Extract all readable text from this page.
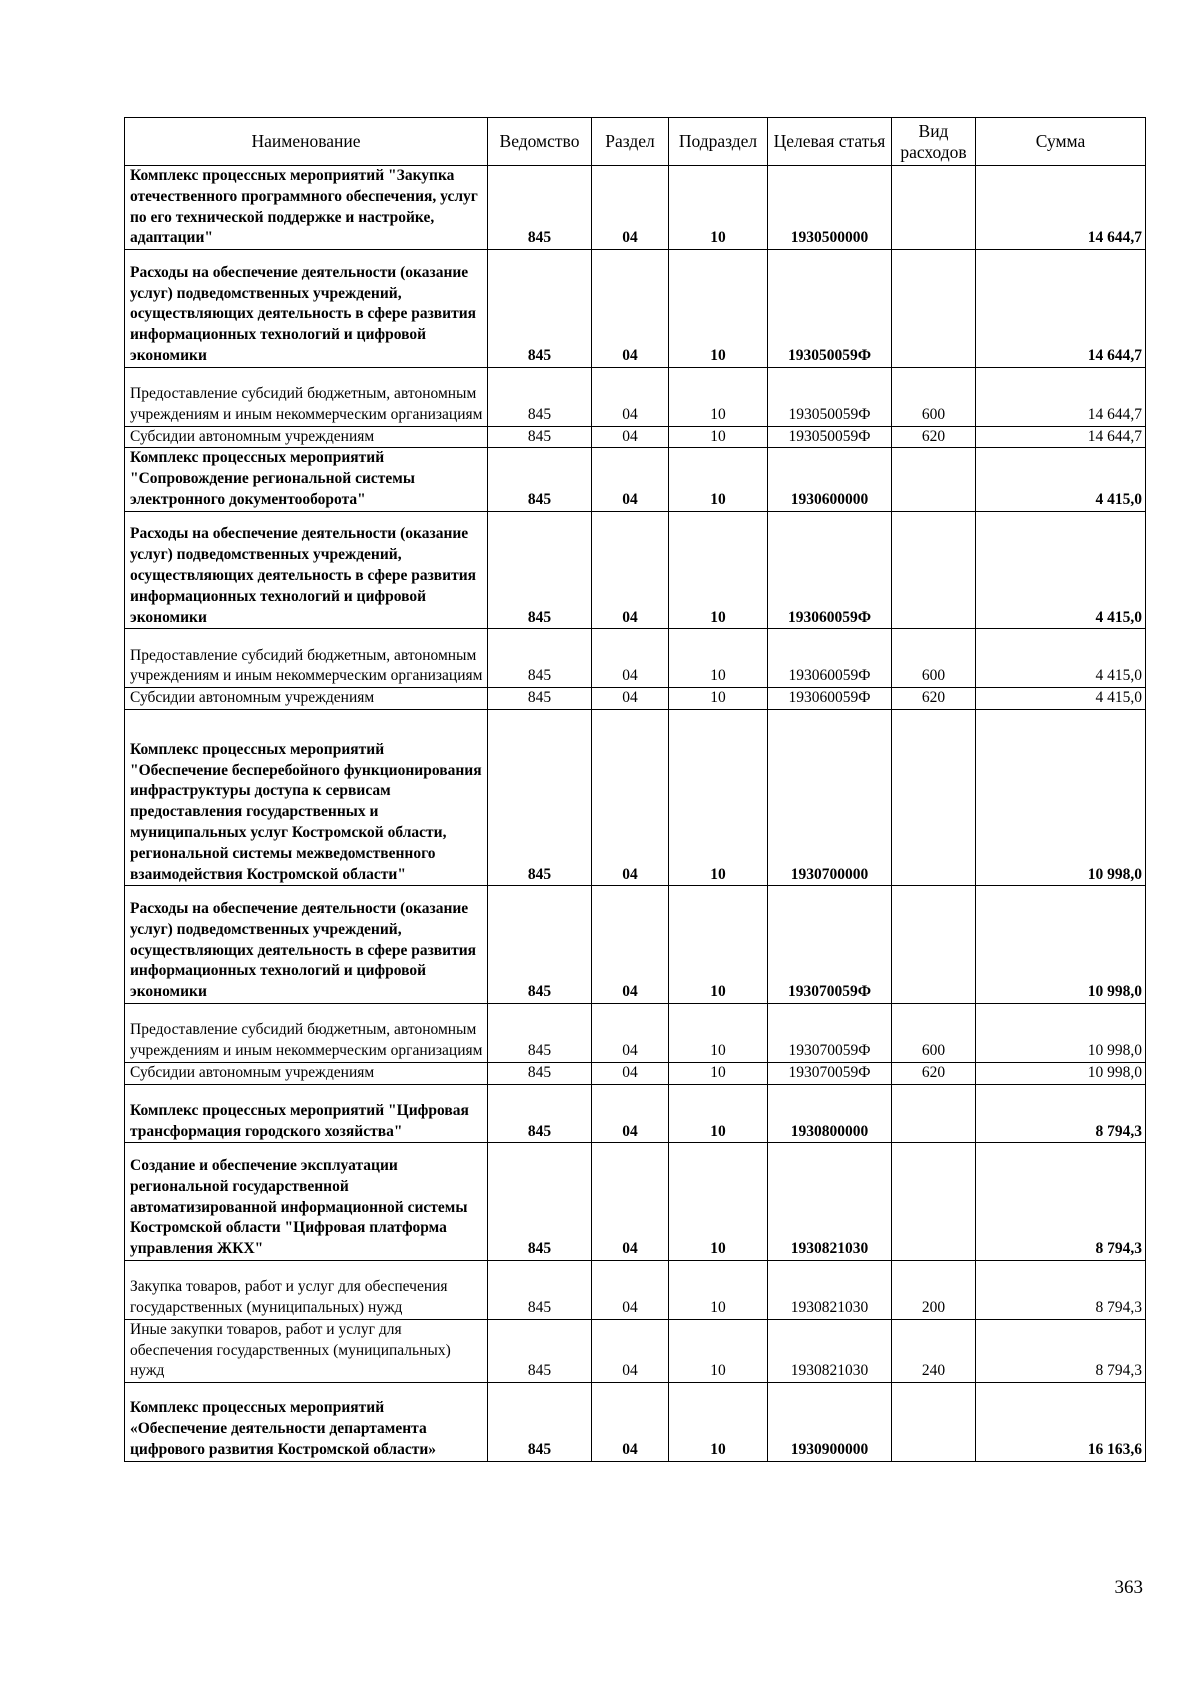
Наименование	Ведомство	Раздел	Подраздел	Целевая статья	Вид расходов	Сумма
Комплекс процессных мероприятий "Закупка отечественного программного обеспечения, услуг по его технической поддержке и настройке, адаптации"	845	04	10	1930500000		14 644,7
Расходы на обеспечение деятельности (оказание услуг) подведомственных учреждений, осуществляющих деятельность в сфере развития информационных технологий и цифровой экономики	845	04	10	193050059Ф		14 644,7
Предоставление субсидий бюджетным, автономным учреждениям и иным некоммерческим организациям	845	04	10	193050059Ф	600	14 644,7
Субсидии автономным учреждениям	845	04	10	193050059Ф	620	14 644,7
Комплекс процессных мероприятий "Сопровождение региональной системы электронного документооборота"	845	04	10	1930600000		4 415,0
Расходы на обеспечение деятельности (оказание услуг) подведомственных учреждений, осуществляющих деятельность в сфере развития информационных технологий и цифровой экономики	845	04	10	193060059Ф		4 415,0
Предоставление субсидий бюджетным, автономным учреждениям и иным некоммерческим организациям	845	04	10	193060059Ф	600	4 415,0
Субсидии автономным учреждениям	845	04	10	193060059Ф	620	4 415,0
Комплекс процессных мероприятий "Обеспечение бесперебойного функционирования инфраструктуры доступа к сервисам предоставления государственных и муниципальных услуг Костромской области, региональной системы межведомственного взаимодействия Костромской области"	845	04	10	1930700000		10 998,0
Расходы на обеспечение деятельности (оказание услуг) подведомственных учреждений, осуществляющих деятельность в сфере развития информационных технологий и цифровой экономики	845	04	10	193070059Ф		10 998,0
Предоставление субсидий бюджетным, автономным учреждениям и иным некоммерческим организациям	845	04	10	193070059Ф	600	10 998,0
Субсидии автономным учреждениям	845	04	10	193070059Ф	620	10 998,0
Комплекс процессных мероприятий "Цифровая трансформация городского хозяйства"	845	04	10	1930800000		8 794,3
Создание и обеспечение эксплуатации региональной государственной автоматизированной информационной системы Костромской области "Цифровая платформа управления ЖКХ"	845	04	10	1930821030		8 794,3
Закупка товаров, работ и услуг для обеспечения государственных (муниципальных) нужд	845	04	10	1930821030	200	8 794,3
Иные закупки товаров, работ и услуг для обеспечения государственных (муниципальных) нужд	845	04	10	1930821030	240	8 794,3
Комплекс процессных мероприятий «Обеспечение деятельности департамента цифрового развития Костромской области»	845	04	10	1930900000		16 163,6
363
